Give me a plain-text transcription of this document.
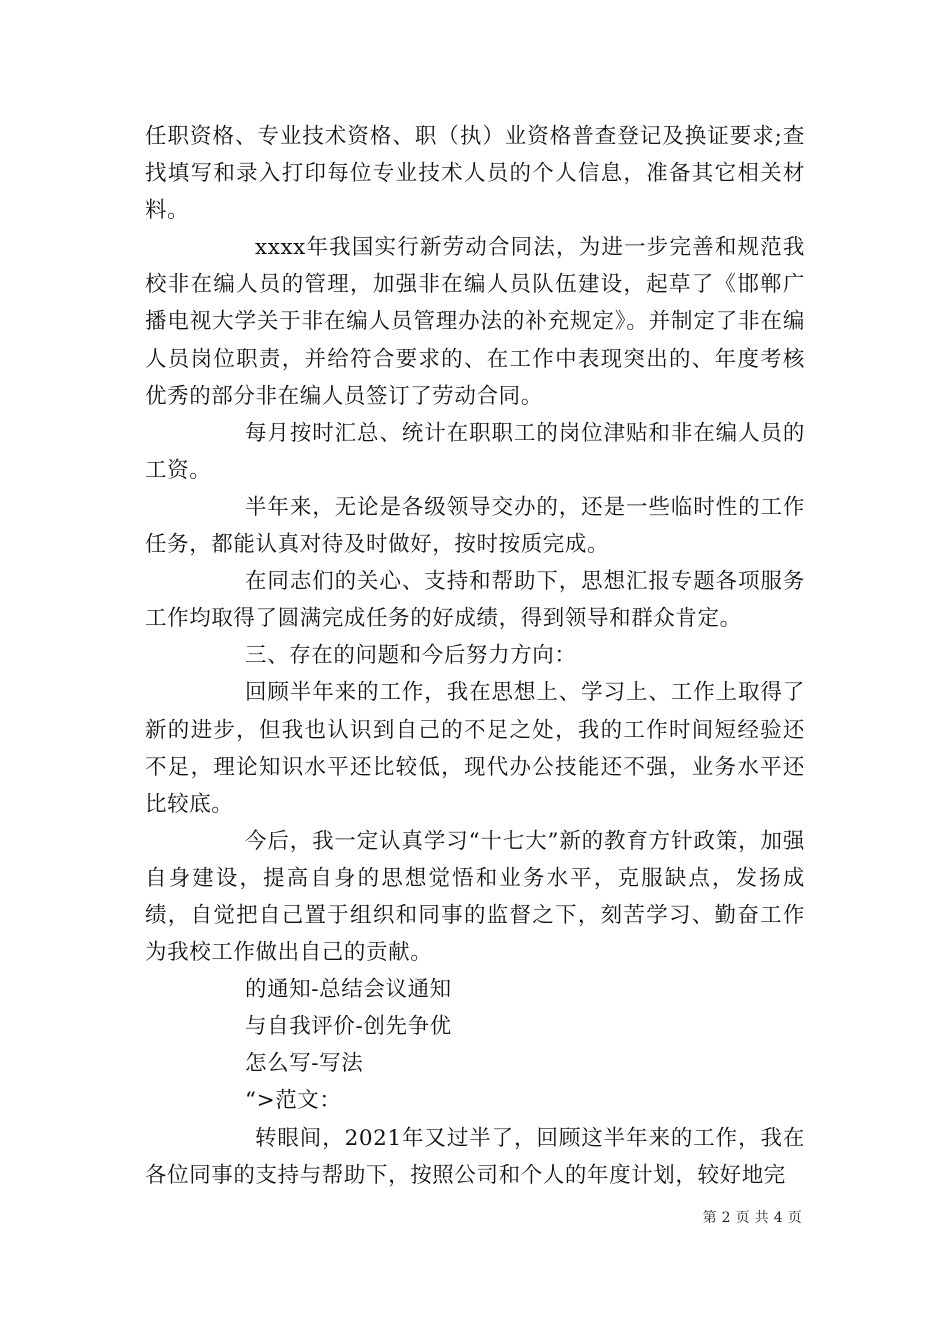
任职资格、专业技术资格、职（执）业资格普查登记及换证要求;查找填写和录入打印每位专业技术人员的个人信息，准备其它相关材料。

xxxx年我国实行新劳动合同法，为进一步完善和规范我校非在编人员的管理，加强非在编人员队伍建设，起草了《邯郸广播电视大学关于非在编人员管理办法的补充规定》。并制定了非在编人员岗位职责，并给符合要求的、在工作中表现突出的、年度考核优秀的部分非在编人员签订了劳动合同。

每月按时汇总、统计在职职工的岗位津贴和非在编人员的工资。

半年来，无论是各级领导交办的，还是一些临时性的工作任务，都能认真对待及时做好，按时按质完成。

在同志们的关心、支持和帮助下，思想汇报专题各项服务工作均取得了圆满完成任务的好成绩，得到领导和群众肯定。

三、存在的问题和今后努力方向：

回顾半年来的工作，我在思想上、学习上、工作上取得了新的进步，但我也认识到自己的不足之处，我的工作时间短经验还不足，理论知识水平还比较低，现代办公技能还不强，业务水平还比较底。

今后，我一定认真学习“十七大”新的教育方针政策，加强自身建设，提高自身的思想觉悟和业务水平，克服缺点，发扬成绩，自觉把自己置于组织和同事的监督之下，刻苦学习、勤奋工作为我校工作做出自己的贡献。

的通知-总结会议通知

与自我评价-创先争优

怎么写-写法

“>范文：

转眼间，2021年又过半了，回顾这半年来的工作，我在各位同事的支持与帮助下，按照公司和个人的年度计划，较好地完

第 2 页 共 4 页
